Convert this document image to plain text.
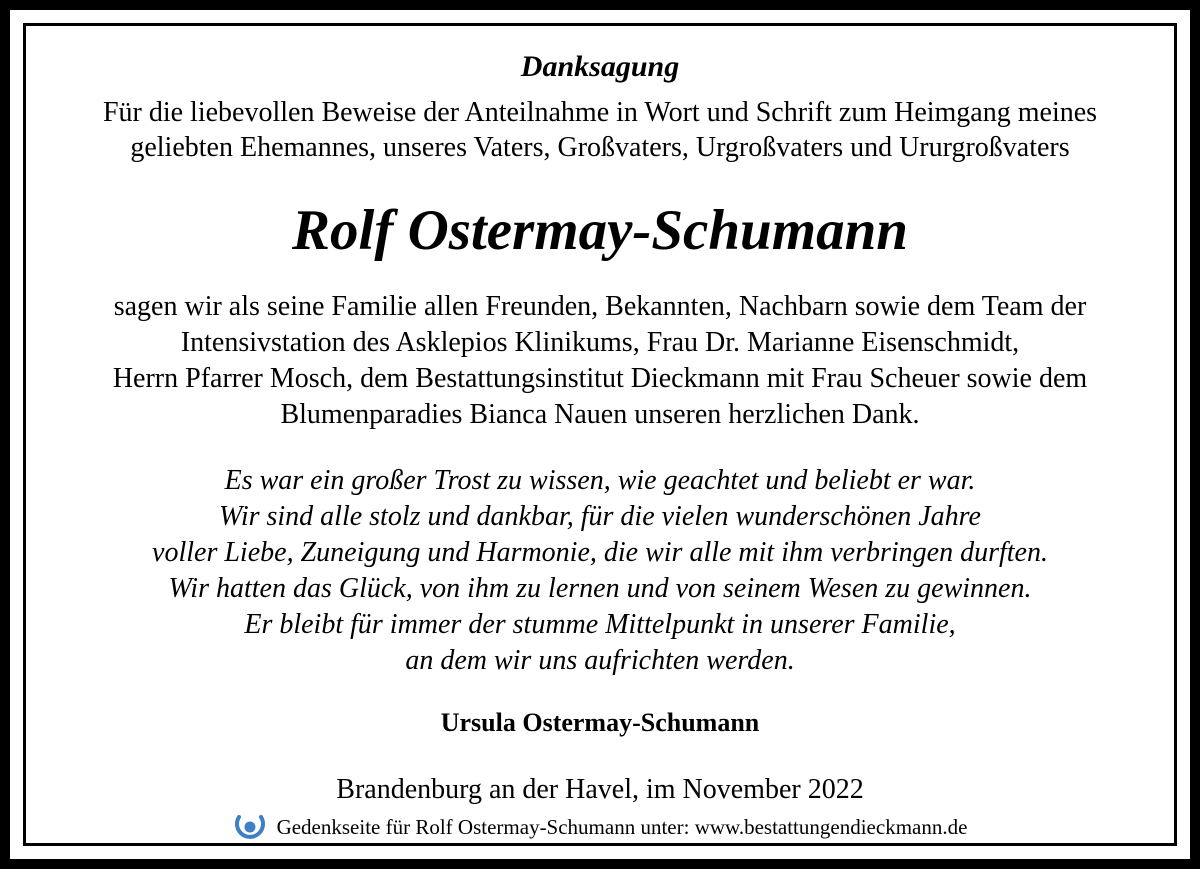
Danksagung
Für die liebevollen Beweise der Anteilnahme in Wort und Schrift zum Heimgang meines
geliebten Ehemannes, unseres Vaters, Großvaters, Urgroßvaters und Ururgroßvaters
Rolf Ostermay-Schumann
sagen wir als seine Familie allen Freunden, Bekannten, Nachbarn sowie dem Team der
Intensivstation des Asklepios Klinikums, Frau Dr. Marianne Eisenschmidt,
Herrn Pfarrer Mosch, dem Bestattungsinstitut Dieckmann mit Frau Scheuer sowie dem
Blumenparadies Bianca Nauen unseren herzlichen Dank.
Es war ein großer Trost zu wissen, wie geachtet und beliebt er war.
Wir sind alle stolz und dankbar, für die vielen wunderschönen Jahre
voller Liebe, Zuneigung und Harmonie, die wir alle mit ihm verbringen durften.
Wir hatten das Glück, von ihm zu lernen und von seinem Wesen zu gewinnen.
Er bleibt für immer der stumme Mittelpunkt in unserer Familie,
an dem wir uns aufrichten werden.
Ursula Ostermay-Schumann
Brandenburg an der Havel, im November 2022
Gedenkseite für Rolf Ostermay-Schumann unter: www.bestattungendieckmann.de
